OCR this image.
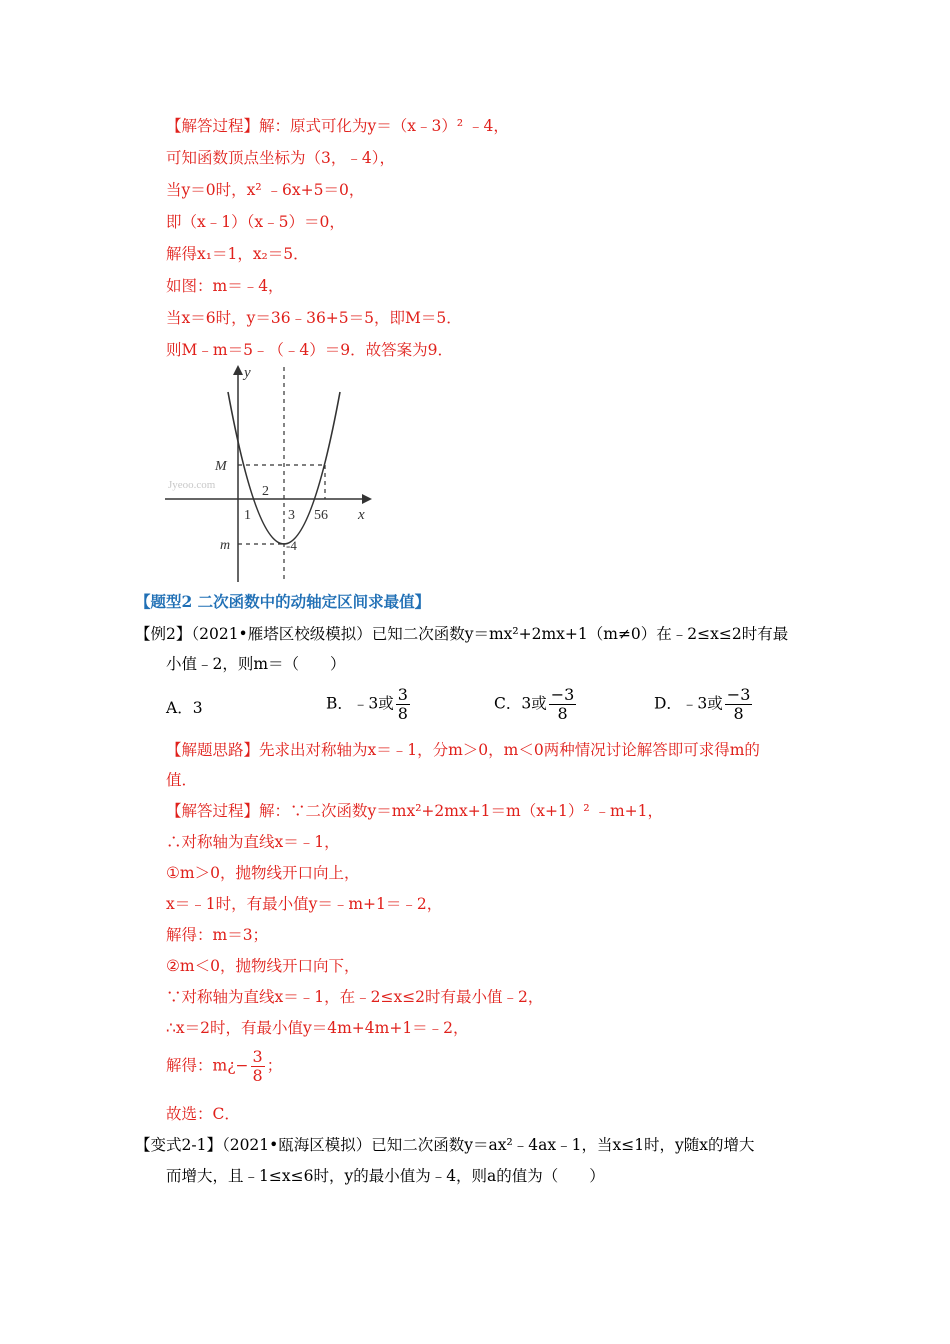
【解答过程】解：原式可化为y＝（x﹣3）² ﹣4，
可知函数顶点坐标为（3，﹣4），
当y＝0时，x² ﹣6x+5＝0，
即（x﹣1）（x﹣5）＝0，
解得x₁＝1，x₂＝5．
如图：m＝﹣4，
当x＝6时，y＝36﹣36+5＝5，即M＝5．
则M﹣m＝5﹣（﹣4）＝9．故答案为9．
y
x
M
m
1
2
3 56
-4
Jyeoo.com
【题型2 二次函数中的动轴定区间求最值】
【例2】（2021•雁塔区校级模拟）已知二次函数y＝mx²+2mx+1（m≠0）在﹣2≤x≤2时有最
小值﹣2，则m＝（　　）
A．3	B．﹣3或 $\frac{3}{8}$	C．3或 $\frac{-3}{8}$	D．﹣3或 $\frac{-3}{8}$
【解题思路】先求出对称轴为x＝﹣1，分m＞0，m＜0两种情况讨论解答即可求得m的
值．
【解答过程】解：∵二次函数y＝mx²+2mx+1＝m（x+1）² ﹣m+1，
∴对称轴为直线x＝﹣1，
①m＞0，抛物线开口向上，
x＝﹣1时，有最小值y＝﹣m+1＝﹣2，
解得：m＝3；
②m＜0，抛物线开口向下，
∵对称轴为直线x＝﹣1，在﹣2≤x≤2时有最小值﹣2，
∴x＝2时，有最小值y＝4m+4m+1＝﹣2，
解得：m¿− $\frac{3}{8}$ ；
故选：C．
【变式2-1】（2021•瓯海区模拟）已知二次函数y＝ax²﹣4ax﹣1，当x≤1时，y随x的增大
而增大，且﹣1≤x≤6时，y的最小值为﹣4，则a的值为（　　）
